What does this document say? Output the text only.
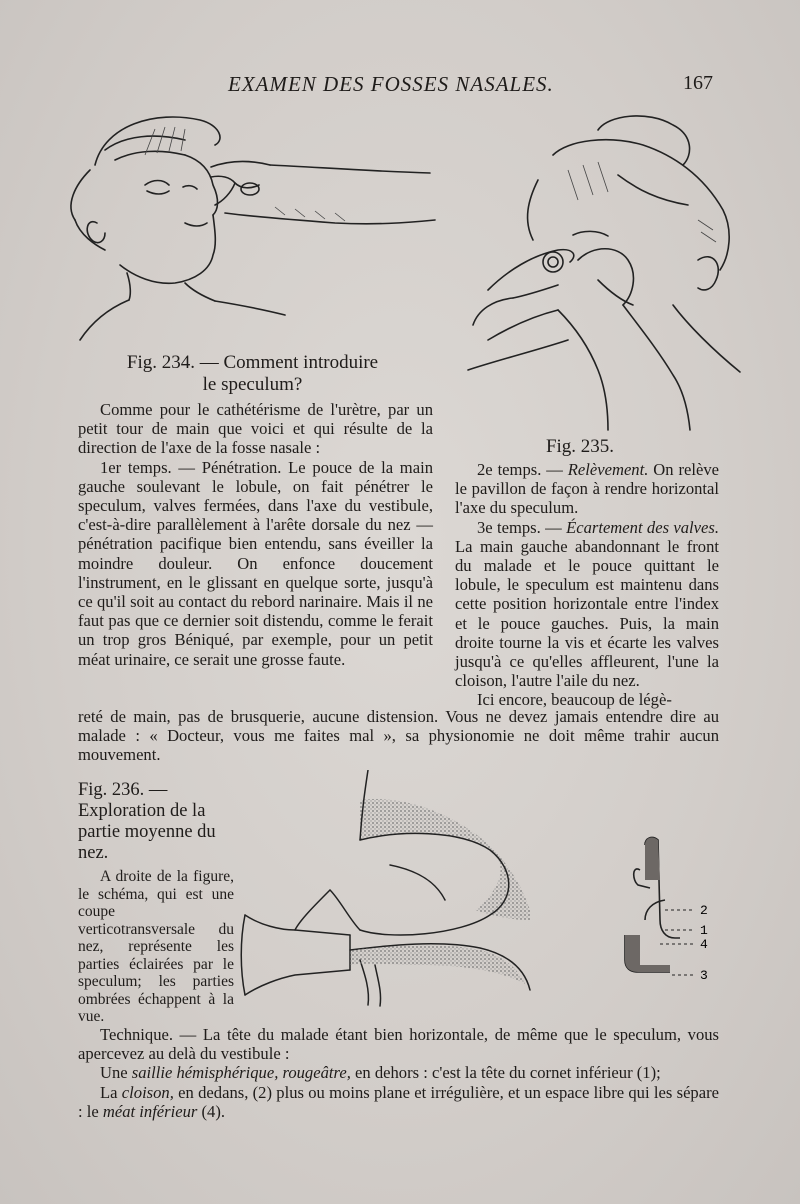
EXAMEN DES FOSSES NASALES.	167
Fig. 234. — Comment introduire
le speculum?
Fig. 235.

Comme pour le cathétérisme de l'urètre, par un petit tour de main que voici et qui résulte de la direction de l'axe de la fosse nasale :

1er temps. — Pénétration. Le pouce de la main gauche soulevant le lobule, on fait pénétrer le speculum, valves fermées, dans l'axe du vestibule, c'est-à-dire parallèlement à l'arête dorsale du nez — pénétration pacifique bien entendu, sans éveiller la moindre douleur. On enfonce doucement l'instrument, en le glissant en quelque sorte, jusqu'à ce qu'il soit au contact du rebord narinaire. Mais il ne faut pas que ce dernier soit distendu, comme le ferait un trop gros Béniqué, par exemple, pour un petit méat urinaire, ce serait une grosse faute.

2e temps. — Relèvement. On relève le pavillon de façon à rendre horizontal l'axe du speculum.

3e temps. — Écartement des valves. La main gauche abandonnant le front du malade et le pouce quittant le lobule, le speculum est maintenu dans cette position horizontale entre l'index et le pouce gauches. Puis, la main droite tourne la vis et écarte les valves jusqu'à ce qu'elles affleurent, l'une la cloison, l'autre l'aile du nez.

Ici encore, beaucoup de légè-

reté de main, pas de brusquerie, aucune distension. Vous ne devez jamais entendre dire au malade : « Docteur, vous me faites mal », sa physionomie ne doit même trahir aucun mouvement.

Fig. 236. — Exploration de la partie moyenne du nez.

A droite de la figure, le schéma, qui est une coupe verticotransversale du nez, représente les parties éclairées par le speculum; les parties ombrées échappent à la vue.

2
1
4
3

Technique. — La tête du malade étant bien horizontale, de même que le speculum, vous apercevez au delà du vestibule :

Une saillie hémisphérique, rougeâtre, en dehors : c'est la tête du cornet inférieur (1);

La cloison, en dedans, (2) plus ou moins plane et irrégulière, et un espace libre qui les sépare : le méat inférieur (4).
